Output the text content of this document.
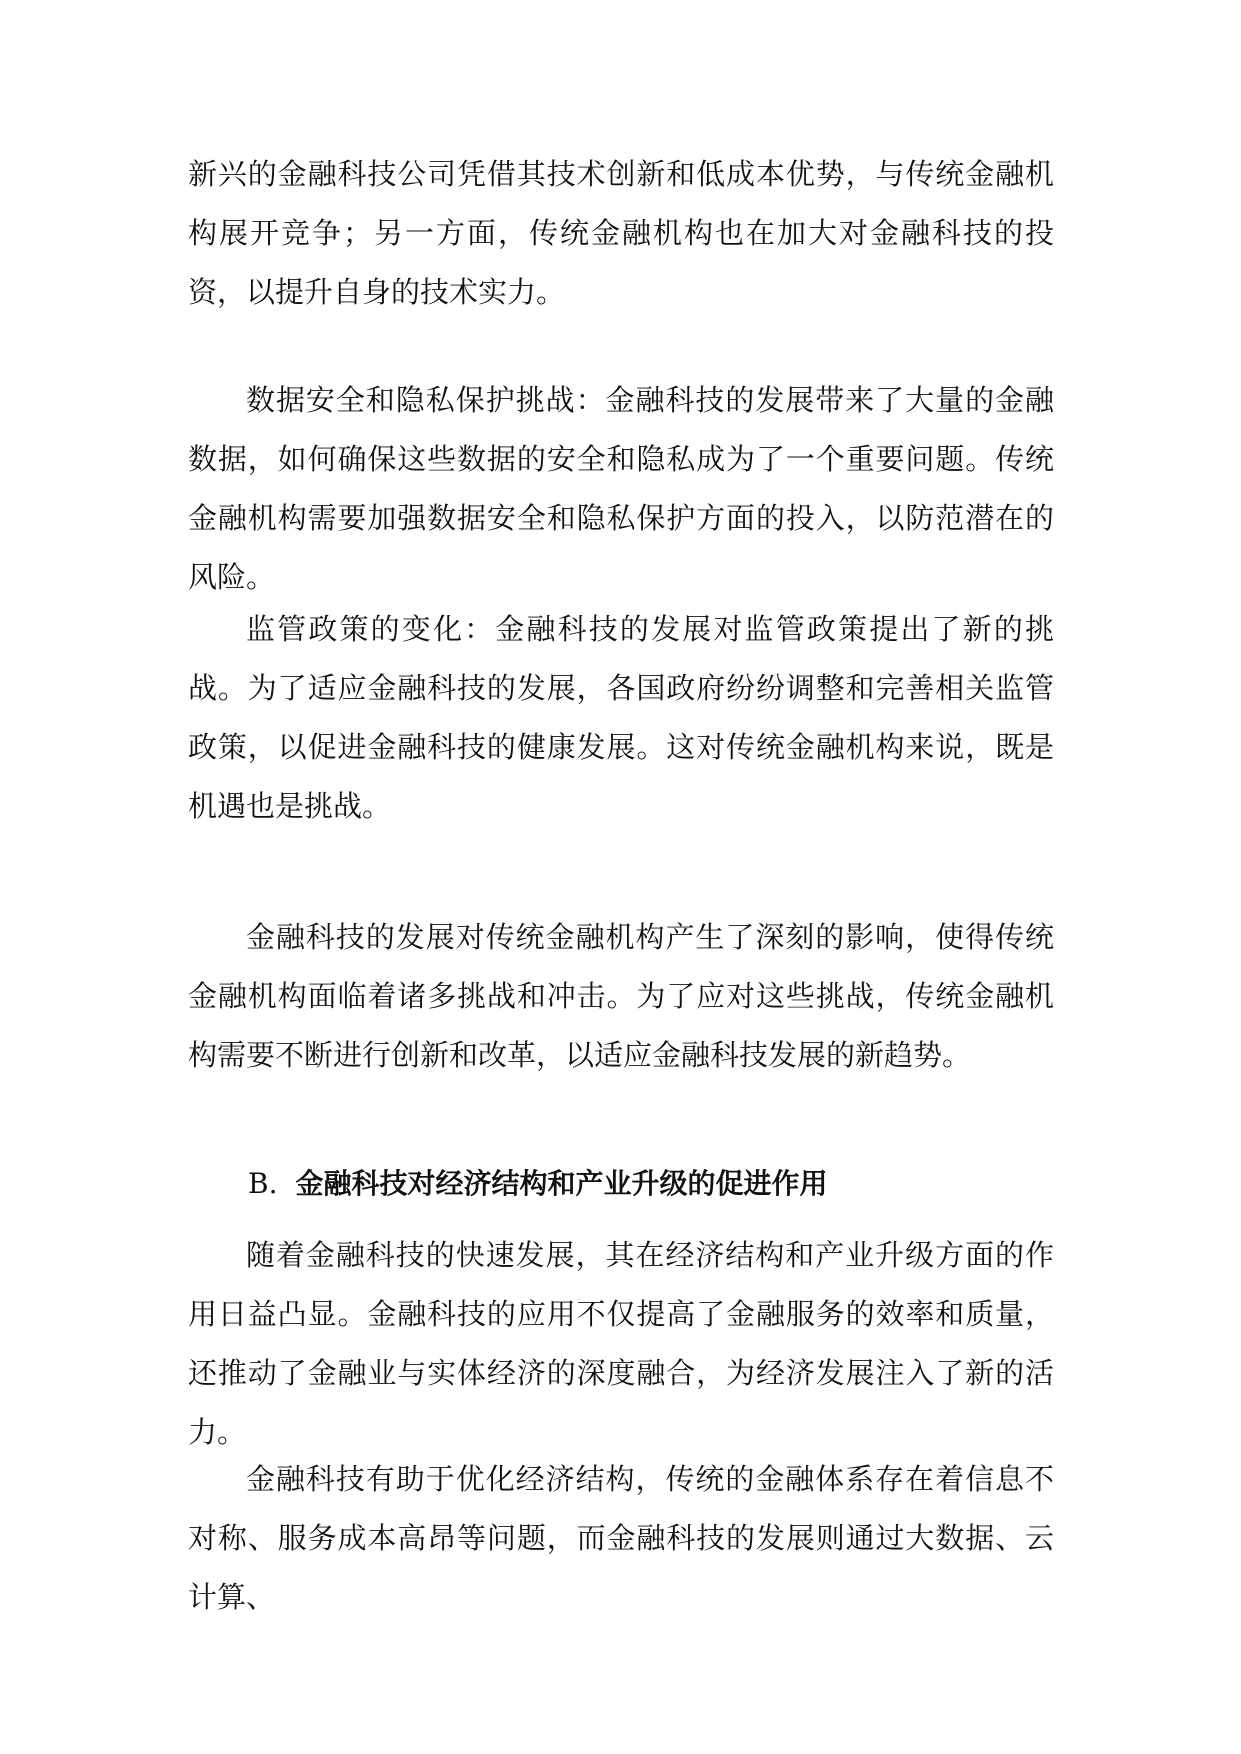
新兴的金融科技公司凭借其技术创新和低成本优势，与传统金融机构展开竞争；另一方面，传统金融机构也在加大对金融科技的投资，以提升自身的技术实力。

数据安全和隐私保护挑战：金融科技的发展带来了大量的金融数据，如何确保这些数据的安全和隐私成为了一个重要问题。传统金融机构需要加强数据安全和隐私保护方面的投入，以防范潜在的风险。

监管政策的变化：金融科技的发展对监管政策提出了新的挑战。为了适应金融科技的发展，各国政府纷纷调整和完善相关监管政策，以促进金融科技的健康发展。这对传统金融机构来说，既是机遇也是挑战。

金融科技的发展对传统金融机构产生了深刻的影响，使得传统金融机构面临着诸多挑战和冲击。为了应对这些挑战，传统金融机构需要不断进行创新和改革，以适应金融科技发展的新趋势。

B. 金融科技对经济结构和产业升级的促进作用

随着金融科技的快速发展，其在经济结构和产业升级方面的作用日益凸显。金融科技的应用不仅提高了金融服务的效率和质量，还推动了金融业与实体经济的深度融合，为经济发展注入了新的活力。

金融科技有助于优化经济结构，传统的金融体系存在着信息不对称、服务成本高昂等问题，而金融科技的发展则通过大数据、云计算、
